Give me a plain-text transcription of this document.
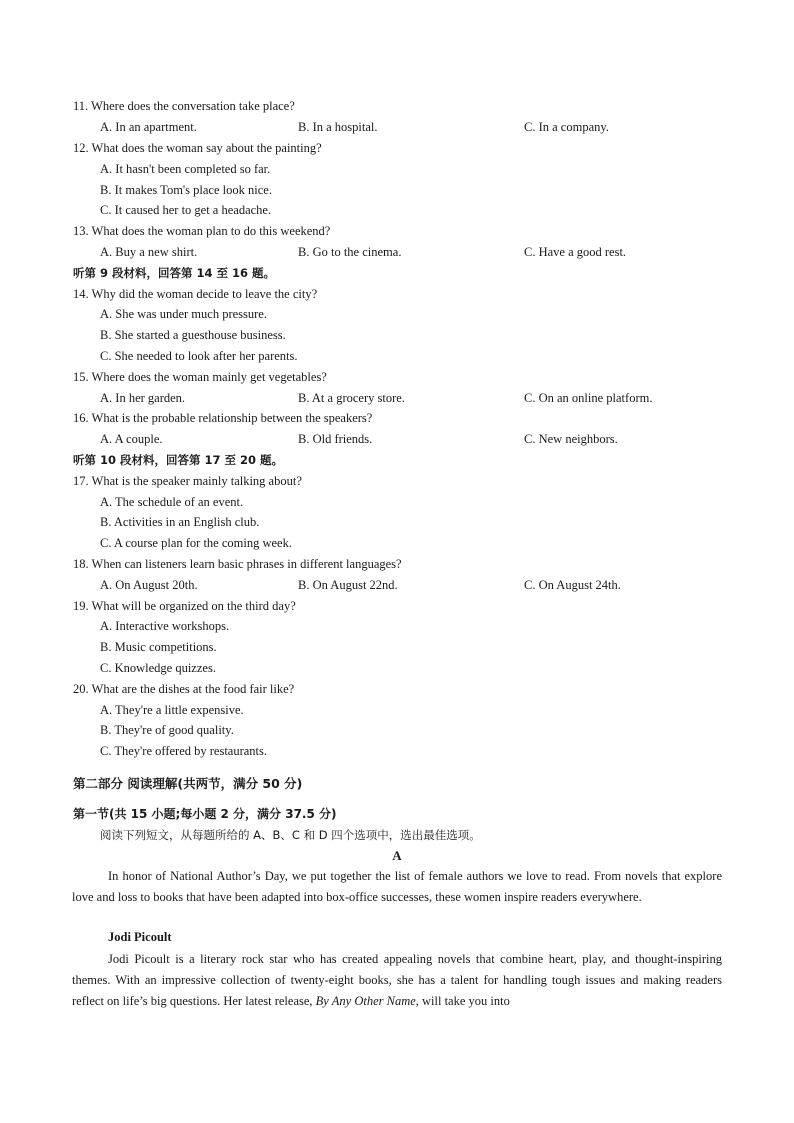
11. Where does the conversation take place?
A. In an apartment.	B. In a hospital.	C. In a company.
12. What does the woman say about the painting?
A. It hasn't been completed so far.
B. It makes Tom's place look nice.
C. It caused her to get a headache.
13. What does the woman plan to do this weekend?
A. Buy a new shirt.	B. Go to the cinema.	C. Have a good rest.
听第 9 段材料，回答第 14 至 16 题。
14. Why did the woman decide to leave the city?
A. She was under much pressure.
B. She started a guesthouse business.
C. She needed to look after her parents.
15. Where does the woman mainly get vegetables?
A. In her garden.	B. At a grocery store.	C. On an online platform.
16. What is the probable relationship between the speakers?
A. A couple.	B. Old friends.	C. New neighbors.
听第 10 段材料，回答第 17 至 20 题。
17. What is the speaker mainly talking about?
A. The schedule of an event.
B. Activities in an English club.
C. A course plan for the coming week.
18. When can listeners learn basic phrases in different languages?
A. On August 20th.	B. On August 22nd.	C. On August 24th.
19. What will be organized on the third day?
A. Interactive workshops.
B. Music competitions.
C. Knowledge quizzes.
20. What are the dishes at the food fair like?
A. They're a little expensive.
B. They're of good quality.
C. They're offered by restaurants.
第二部分 阅读理解(共两节，满分 50 分)
第一节(共 15 小题;每小题 2 分，满分 37.5 分)
阅读下列短文，从每题所给的 A、B、C 和 D 四个选项中，选出最佳选项。
A

In honor of National Author’s Day, we put together the list of female authors we love to read. From novels that explore love and loss to books that have been adapted into box-office successes, these women inspire readers everywhere.

Jodi Picoult

Jodi Picoult is a literary rock star who has created appealing novels that combine heart, play, and thought-inspiring themes. With an impressive collection of twenty-eight books, she has a talent for handling tough issues and making readers reflect on life’s big questions. Her latest release, By Any Other Name, will take you into
